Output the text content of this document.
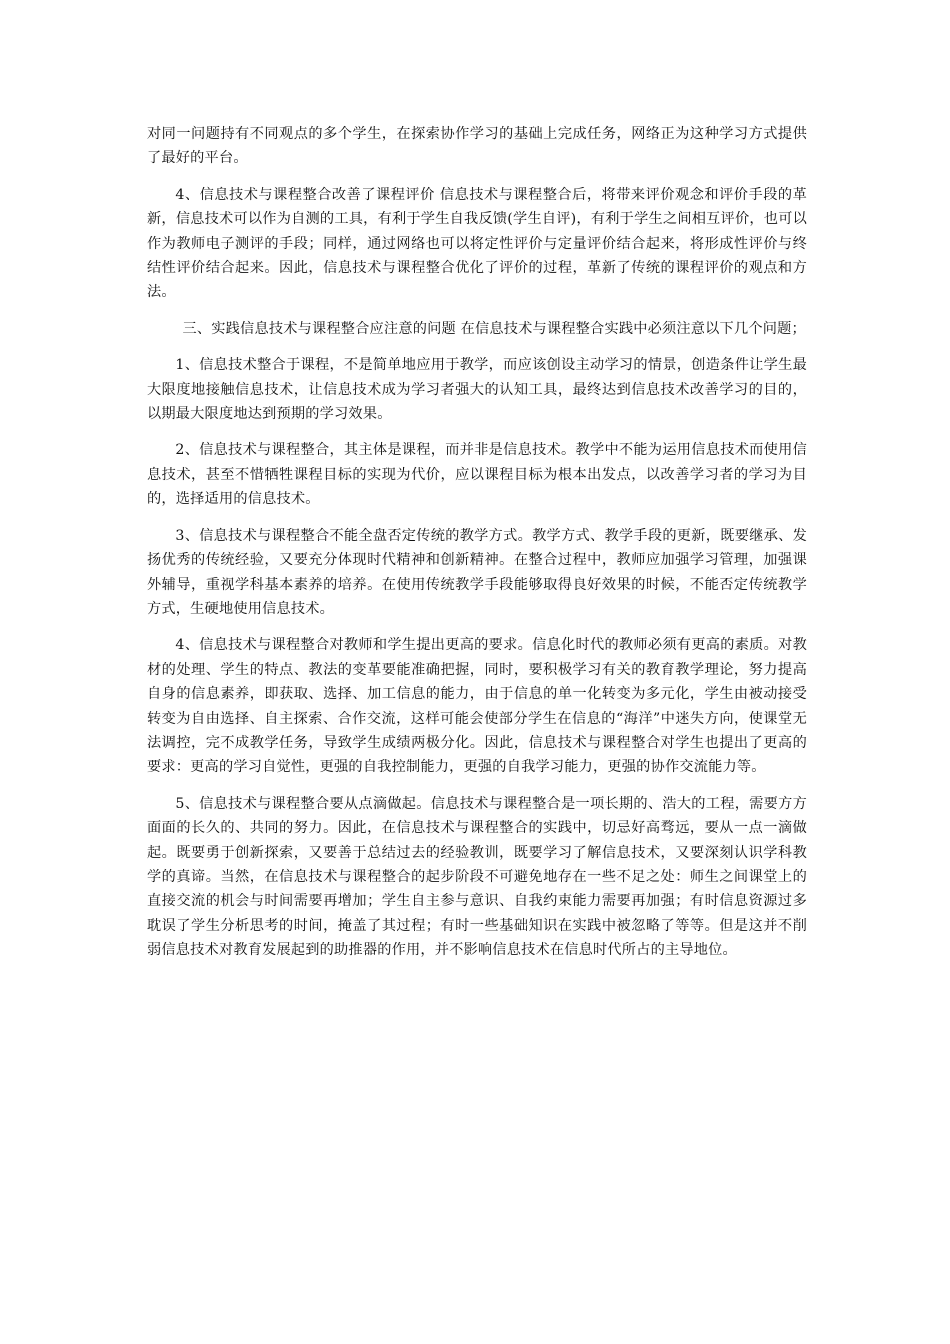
对同一问题持有不同观点的多个学生，在探索协作学习的基础上完成任务，网络正为这种学习方式提供了最好的平台。

4、信息技术与课程整合改善了课程评价 信息技术与课程整合后，将带来评价观念和评价手段的革新，信息技术可以作为自测的工具，有利于学生自我反馈(学生自评)，有利于学生之间相互评价，也可以作为教师电子测评的手段；同样，通过网络也可以将定性评价与定量评价结合起来，将形成性评价与终结性评价结合起来。因此，信息技术与课程整合优化了评价的过程，革新了传统的课程评价的观点和方法。

三、实践信息技术与课程整合应注意的问题 在信息技术与课程整合实践中必须注意以下几个问题；

1、信息技术整合于课程，不是简单地应用于教学，而应该创设主动学习的情景，创造条件让学生最大限度地接触信息技术，让信息技术成为学习者强大的认知工具，最终达到信息技术改善学习的目的，以期最大限度地达到预期的学习效果。

2、信息技术与课程整合，其主体是课程，而并非是信息技术。教学中不能为运用信息技术而使用信息技术，甚至不惜牺牲课程目标的实现为代价，应以课程目标为根本出发点，以改善学习者的学习为目的，选择适用的信息技术。

3、信息技术与课程整合不能全盘否定传统的教学方式。教学方式、教学手段的更新，既要继承、发扬优秀的传统经验，又要充分体现时代精神和创新精神。在整合过程中，教师应加强学习管理，加强课外辅导，重视学科基本素养的培养。在使用传统教学手段能够取得良好效果的时候，不能否定传统教学方式，生硬地使用信息技术。

4、信息技术与课程整合对教师和学生提出更高的要求。信息化时代的教师必须有更高的素质。对教材的处理、学生的特点、教法的变革要能准确把握，同时，要积极学习有关的教育教学理论，努力提高自身的信息素养，即获取、选择、加工信息的能力，由于信息的单一化转变为多元化，学生由被动接受转变为自由选择、自主探索、合作交流，这样可能会使部分学生在信息的“海洋”中迷失方向，使课堂无法调控，完不成教学任务，导致学生成绩两极分化。因此，信息技术与课程整合对学生也提出了更高的要求：更高的学习自觉性，更强的自我控制能力，更强的自我学习能力，更强的协作交流能力等。

5、信息技术与课程整合要从点滴做起。信息技术与课程整合是一项长期的、浩大的工程，需要方方面面的长久的、共同的努力。因此，在信息技术与课程整合的实践中，切忌好高骛远，要从一点一滴做起。既要勇于创新探索，又要善于总结过去的经验教训，既要学习了解信息技术，又要深刻认识学科教学的真谛。当然，在信息技术与课程整合的起步阶段不可避免地存在一些不足之处：师生之间课堂上的直接交流的机会与时间需要再增加；学生自主参与意识、自我约束能力需要再加强；有时信息资源过多耽误了学生分析思考的时间，掩盖了其过程；有时一些基础知识在实践中被忽略了等等。但是这并不削弱信息技术对教育发展起到的助推器的作用，并不影响信息技术在信息时代所占的主导地位。
